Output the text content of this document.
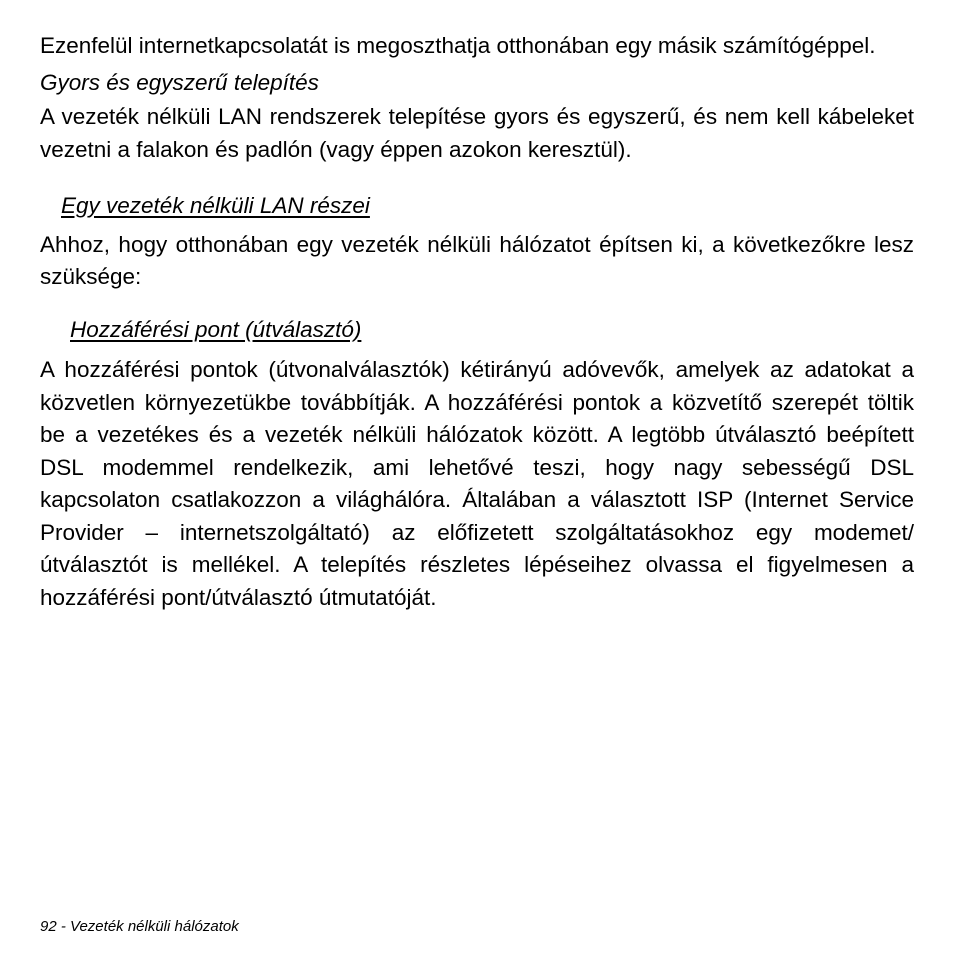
Ezenfelül internetkapcsolatát is megoszthatja otthonában egy másik számítógéppel.

Gyors és egyszerű telepítés

A vezeték nélküli LAN rendszerek telepítése gyors és egyszerű, és nem kell kábeleket vezetni a falakon és padlón (vagy éppen azokon keresztül).

Egy vezeték nélküli LAN részei

Ahhoz, hogy otthonában egy vezeték nélküli hálózatot építsen ki, a következőkre lesz szüksége:

Hozzáférési pont (útválasztó)

A hozzáférési pontok (útvonalválasztók) kétirányú adóvevők, amelyek az adatokat a közvetlen környezetükbe továbbítják. A hozzáférési pontok a közvetítő szerepét töltik be a vezetékes és a vezeték nélküli hálózatok között. A legtöbb útválasztó beépített DSL modemmel rendelkezik, ami lehetővé teszi, hogy nagy sebességű DSL kapcsolaton csatlakozzon a világhálóra. Általában a választott ISP (Internet Service Provider – internetszolgáltató) az előfizetett szolgáltatásokhoz egy modemet/ útválasztót is mellékel. A telepítés részletes lépéseihez olvassa el figyelmesen a hozzáférési pont/útválasztó útmutatóját.

92 - Vezeték nélküli hálózatok
